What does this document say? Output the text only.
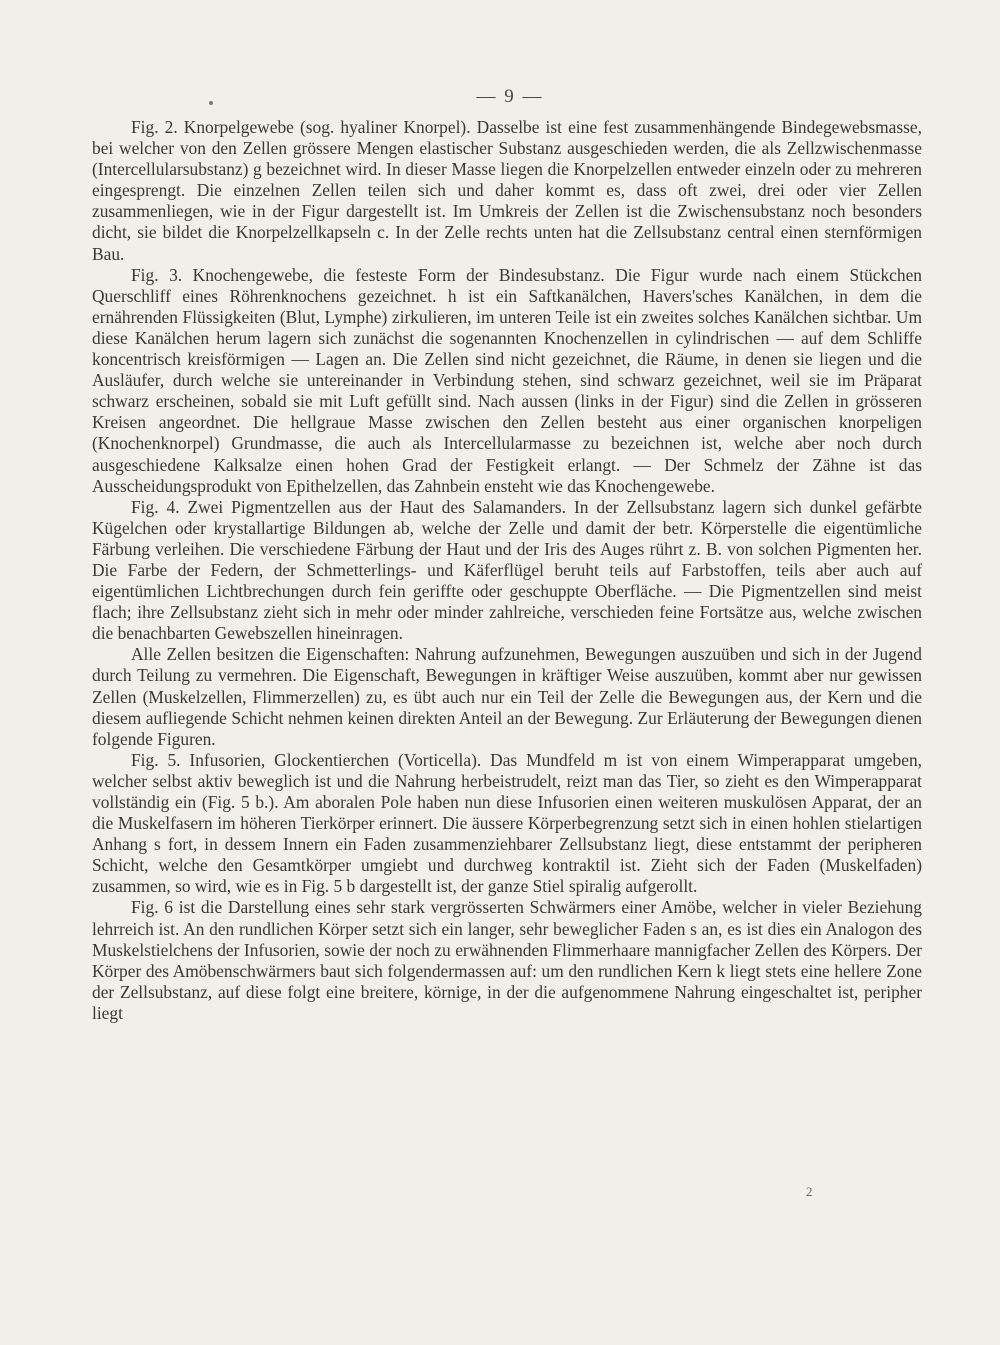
— 9 —

Fig. 2. Knorpelgewebe (sog. hyaliner Knorpel). Dasselbe ist eine fest zusammenhängende Bindegewebsmasse, bei welcher von den Zellen grössere Mengen elastischer Substanz ausgeschieden werden, die als Zellzwischenmasse (Intercellularsubstanz) g bezeichnet wird. In dieser Masse liegen die Knorpelzellen entweder einzeln oder zu mehreren eingesprengt. Die einzelnen Zellen teilen sich und daher kommt es, dass oft zwei, drei oder vier Zellen zusammenliegen, wie in der Figur dargestellt ist. Im Umkreis der Zellen ist die Zwischensubstanz noch besonders dicht, sie bildet die Knorpelzellkapseln c. In der Zelle rechts unten hat die Zellsubstanz central einen sternförmigen Bau.

Fig. 3. Knochengewebe, die festeste Form der Bindesubstanz. Die Figur wurde nach einem Stückchen Querschliff eines Röhrenknochens gezeichnet. h ist ein Saftkanälchen, Havers'sches Kanälchen, in dem die ernährenden Flüssigkeiten (Blut, Lymphe) zirkulieren, im unteren Teile ist ein zweites solches Kanälchen sichtbar. Um diese Kanälchen herum lagern sich zunächst die sogenannten Knochenzellen in cylindrischen — auf dem Schliffe koncentrisch kreisförmigen — Lagen an. Die Zellen sind nicht gezeichnet, die Räume, in denen sie liegen und die Ausläufer, durch welche sie untereinander in Verbindung stehen, sind schwarz gezeichnet, weil sie im Präparat schwarz erscheinen, sobald sie mit Luft gefüllt sind. Nach aussen (links in der Figur) sind die Zellen in grösseren Kreisen angeordnet. Die hellgraue Masse zwischen den Zellen besteht aus einer organischen knorpeligen (Knochenknorpel) Grundmasse, die auch als Intercellularmasse zu bezeichnen ist, welche aber noch durch ausgeschiedene Kalksalze einen hohen Grad der Festigkeit erlangt. — Der Schmelz der Zähne ist das Ausscheidungsprodukt von Epithelzellen, das Zahnbein ensteht wie das Knochengewebe.

Fig. 4. Zwei Pigmentzellen aus der Haut des Salamanders. In der Zellsubstanz lagern sich dunkel gefärbte Kügelchen oder krystallartige Bildungen ab, welche der Zelle und damit der betr. Körperstelle die eigentümliche Färbung verleihen. Die verschiedene Färbung der Haut und der Iris des Auges rührt z. B. von solchen Pigmenten her. Die Farbe der Federn, der Schmetterlings- und Käferflügel beruht teils auf Farbstoffen, teils aber auch auf eigentümlichen Lichtbrechungen durch fein geriffte oder geschuppte Oberfläche. — Die Pigmentzellen sind meist flach; ihre Zellsubstanz zieht sich in mehr oder minder zahlreiche, verschieden feine Fortsätze aus, welche zwischen die benachbarten Gewebszellen hineinragen.

Alle Zellen besitzen die Eigenschaften: Nahrung aufzunehmen, Bewegungen auszuüben und sich in der Jugend durch Teilung zu vermehren. Die Eigenschaft, Bewegungen in kräftiger Weise auszuüben, kommt aber nur gewissen Zellen (Muskelzellen, Flimmerzellen) zu, es übt auch nur ein Teil der Zelle die Bewegungen aus, der Kern und die diesem aufliegende Schicht nehmen keinen direkten Anteil an der Bewegung. Zur Erläuterung der Bewegungen dienen folgende Figuren.

Fig. 5. Infusorien, Glockentierchen (Vorticella). Das Mundfeld m ist von einem Wimperapparat umgeben, welcher selbst aktiv beweglich ist und die Nahrung herbeistrudelt, reizt man das Tier, so zieht es den Wimperapparat vollständig ein (Fig. 5 b.). Am aboralen Pole haben nun diese Infusorien einen weiteren muskulösen Apparat, der an die Muskelfasern im höheren Tierkörper erinnert. Die äussere Körperbegrenzung setzt sich in einen hohlen stielartigen Anhang s fort, in dessem Innern ein Faden zusammenziehbarer Zellsubstanz liegt, diese entstammt der peripheren Schicht, welche den Gesamtkörper umgiebt und durchweg kontraktil ist. Zieht sich der Faden (Muskelfaden) zusammen, so wird, wie es in Fig. 5 b dargestellt ist, der ganze Stiel spiralig aufgerollt.

Fig. 6 ist die Darstellung eines sehr stark vergrösserten Schwärmers einer Amöbe, welcher in vieler Beziehung lehrreich ist. An den rundlichen Körper setzt sich ein langer, sehr beweglicher Faden s an, es ist dies ein Analogon des Muskelstielchens der Infusorien, sowie der noch zu erwähnenden Flimmerhaare mannigfacher Zellen des Körpers. Der Körper des Amöbenschwärmers baut sich folgendermassen auf: um den rundlichen Kern k liegt stets eine hellere Zone der Zellsubstanz, auf diese folgt eine breitere, körnige, in der die aufgenommene Nahrung eingeschaltet ist, peripher liegt

2
